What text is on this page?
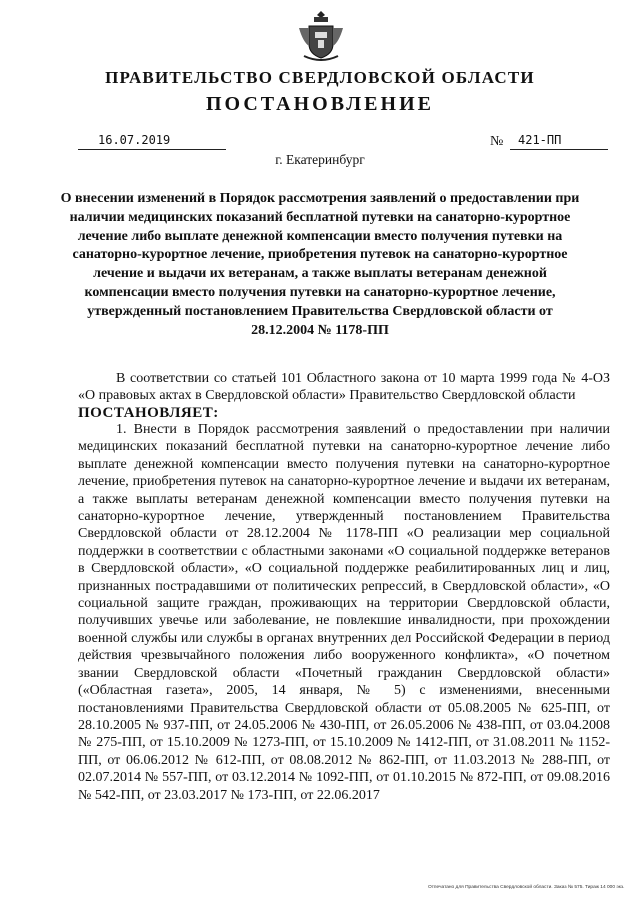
ПРАВИТЕЛЬСТВО СВЕРДЛОВСКОЙ ОБЛАСТИ
ПОСТАНОВЛЕНИЕ
16.07.2019	№	421-ПП
г. Екатеринбург

О внесении изменений в Порядок рассмотрения заявлений о предоставлении при наличии медицинских показаний бесплатной путевки на санаторно-курортное лечение либо выплате денежной компенсации вместо получения путевки на санаторно-курортное лечение, приобретения путевок на санаторно-курортное лечение и выдачи их ветеранам, а также выплаты ветеранам денежной компенсации вместо получения путевки на санаторно-курортное лечение, утвержденный постановлением Правительства Свердловской области от 28.12.2004 № 1178-ПП

В соответствии со статьей 101 Областного закона от 10 марта 1999 года № 4-ОЗ «О правовых актах в Свердловской области» Правительство Свердловской области

ПОСТАНОВЛЯЕТ:

1. Внести в Порядок рассмотрения заявлений о предоставлении при наличии медицинских показаний бесплатной путевки на санаторно-курортное лечение либо выплате денежной компенсации вместо получения путевки на санаторно-курортное лечение, приобретения путевок на санаторно-курортное лечение и выдачи их ветеранам, а также выплаты ветеранам денежной компенсации вместо получения путевки на санаторно-курортное лечение, утвержденный постановлением Правительства Свердловской области от 28.12.2004 № 1178-ПП «О реализации мер социальной поддержки в соответствии с областными законами «О социальной поддержке ветеранов в Свердловской области», «О социальной поддержке реабилитированных лиц и лиц, признанных пострадавшими от политических репрессий, в Свердловской области», «О социальной защите граждан, проживающих на территории Свердловской области, получивших увечье или заболевание, не повлекшие инвалидности, при прохождении военной службы или службы в органах внутренних дел Российской Федерации в период действия чрезвычайного положения либо вооруженного конфликта», «О почетном звании Свердловской области «Почетный гражданин Свердловской области» («Областная газета», 2005, 14 января, № 5) с изменениями, внесенными постановлениями Правительства Свердловской области от 05.08.2005 № 625-ПП, от 28.10.2005 № 937-ПП, от 24.05.2006 № 430-ПП, от 26.05.2006 № 438-ПП, от 03.04.2008 № 275-ПП, от 15.10.2009 № 1273-ПП, от 15.10.2009 № 1412-ПП, от 31.08.2011 № 1152-ПП, от 06.06.2012 № 612-ПП, от 08.08.2012 № 862-ПП, от 11.03.2013 № 288-ПП, от 02.07.2014 № 557-ПП, от 03.12.2014 № 1092-ПП, от 01.10.2015 № 872-ПП, от 09.08.2016 № 542-ПП, от 23.03.2017 № 173-ПП, от 22.06.2017

Отпечатано для Правительства Свердловской области. Заказ № 575. Тираж 14 000 экз.
